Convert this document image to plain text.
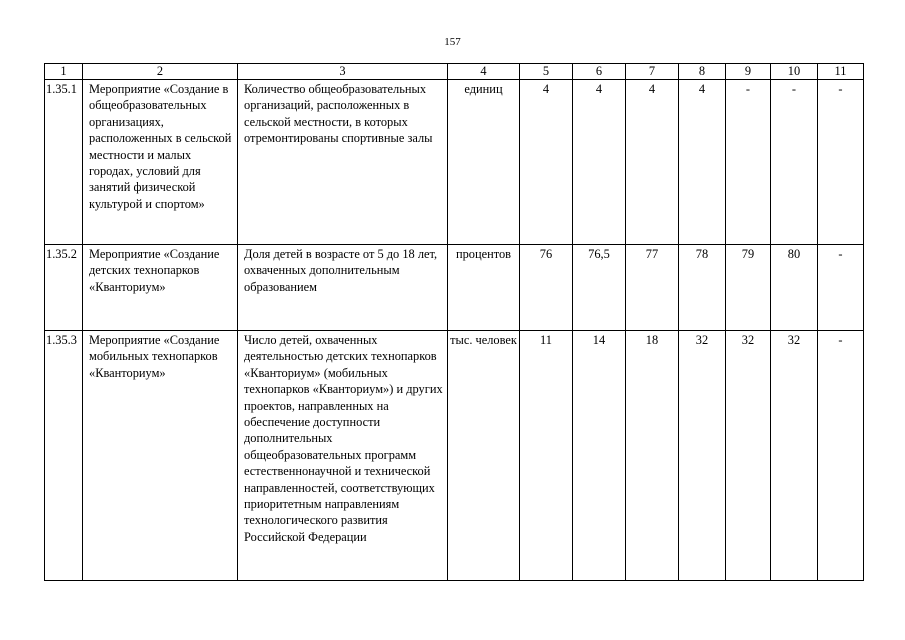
157
1	2	3	4	5	6	7	8	9	10	11
1.35.1	Мероприятие «Создание в общеобразовательных организациях, расположенных в сельской местности и малых городах, условий для занятий физической культурой и спортом»	Количество общеобразовательных организаций, расположенных в сельской местности, в которых отремонтированы спортивные залы	единиц	4	4	4	4	-	-	-
1.35.2	Мероприятие «Создание детских технопарков «Кванториум»	Доля детей в возрасте от 5 до 18 лет, охваченных дополнительным образованием	процентов	76	76,5	77	78	79	80	-
1.35.3	Мероприятие «Создание мобильных технопарков «Кванториум»	Число детей, охваченных деятельностью детских технопарков «Кванториум» (мобильных технопарков «Кванториум») и других проектов, направленных на обеспечение доступности дополнительных общеобразовательных программ естественнонаучной и технической направленностей, соответствующих приоритетным направлениям технологического развития Российской Федерации	тыс. человек	11	14	18	32	32	32	-
